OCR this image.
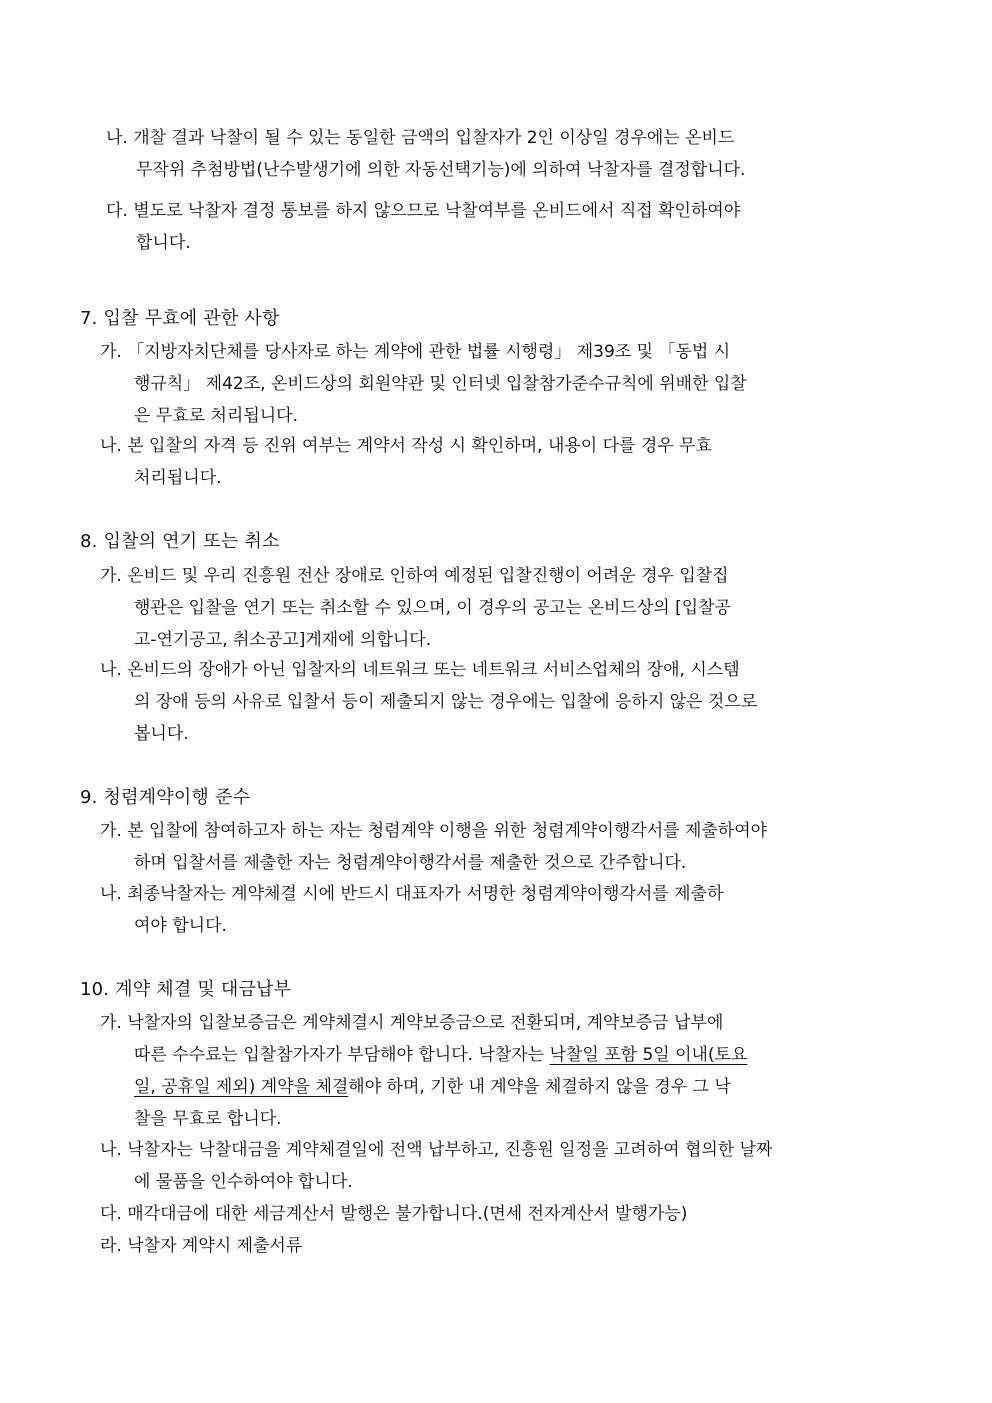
나. 개찰 결과 낙찰이 될 수 있는 동일한 금액의 입찰자가 2인 이상일 경우에는 온비드
무작위 추첨방법(난수발생기에 의한 자동선택기능)에 의하여 낙찰자를 결정합니다.
다. 별도로 낙찰자 결정 통보를 하지 않으므로 낙찰여부를 온비드에서 직접 확인하여야
합니다.
7. 입찰 무효에 관한 사항
가. 「지방자치단체를 당사자로 하는 계약에 관한 법률 시행령」 제39조 및 「동법 시
행규칙」 제42조, 온비드상의 회원약관 및 인터넷 입찰참가준수규칙에 위배한 입찰
은 무효로 처리됩니다.
나. 본 입찰의 자격 등 진위 여부는 계약서 작성 시 확인하며, 내용이 다를 경우 무효
처리됩니다.
8. 입찰의 연기 또는 취소
가. 온비드 및 우리 진흥원 전산 장애로 인하여 예정된 입찰진행이 어려운 경우 입찰집
행관은 입찰을 연기 또는 취소할 수 있으며, 이 경우의 공고는 온비드상의 [입찰공
고-연기공고, 취소공고]게재에 의합니다.
나. 온비드의 장애가 아닌 입찰자의 네트워크 또는 네트워크 서비스업체의 장애, 시스템
의 장애 등의 사유로 입찰서 등이 제출되지 않는 경우에는 입찰에 응하지 않은 것으로
봅니다.
9. 청렴계약이행 준수
가. 본 입찰에 참여하고자 하는 자는 청렴계약 이행을 위한 청렴계약이행각서를 제출하여야
하며 입찰서를 제출한 자는 청렴계약이행각서를 제출한 것으로 간주합니다.
나. 최종낙찰자는 계약체결 시에 반드시 대표자가 서명한 청렴계약이행각서를 제출하
여야 합니다.
10. 계약 체결 및 대금납부
가. 낙찰자의 입찰보증금은 계약체결시 계약보증금으로 전환되며, 계약보증금 납부에
따른 수수료는 입찰참가자가 부담해야 합니다. 낙찰자는 낙찰일 포함 5일 이내(토요
일, 공휴일 제외) 계약을 체결 해야 하며, 기한 내 계약을 체결하지 않을 경우 그 낙
찰을 무효로 합니다.
나. 낙찰자는 낙찰대금을 계약체결일에 전액 납부하고, 진흥원 일정을 고려하여 협의한 날짜
에 물품을 인수하여야 합니다.
다. 매각대금에 대한 세금계산서 발행은 불가합니다.(면세 전자계산서 발행가능)
라. 낙찰자 계약시 제출서류
